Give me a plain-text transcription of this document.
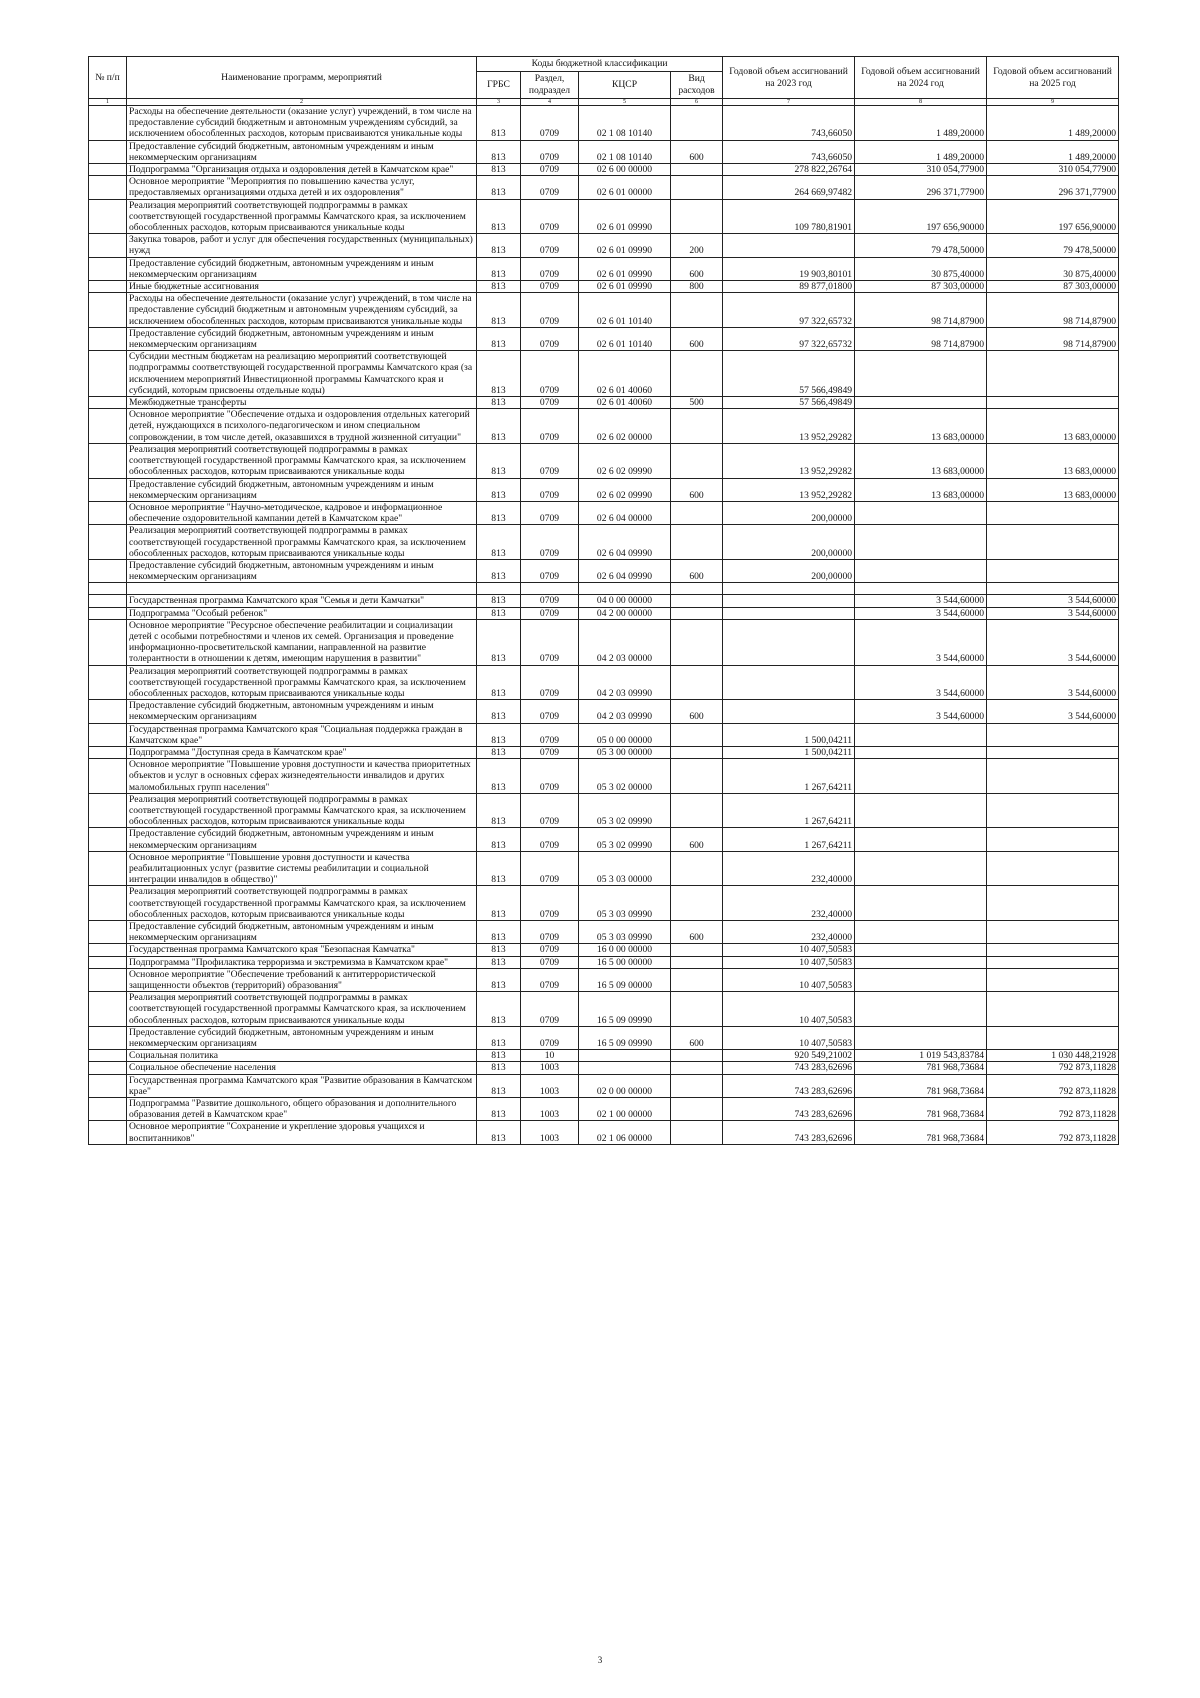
№ п/п	Наименование программ, мероприятий	Коды бюджетной классификации				Годовой объем ассигнований на 2023 год	Годовой объем ассигнований на 2024 год	Годовой объем ассигнований на 2025 год
		ГРБС	Раздел, подраздел	КЦСР	Вид расходов			
1	2	3	4	5	6	7	8	9
	Расходы на обеспечение деятельности (оказание услуг) учреждений, в том числе на предоставление субсидий бюджетным и автономным учреждениям субсидий, за исключением обособленных расходов, которым присваиваются уникальные коды	813	0709	02 1 08 10140		743,66050	1 489,20000	1 489,20000
	Предоставление субсидий бюджетным, автономным учреждениям и иным некоммерческим организациям	813	0709	02 1 08 10140	600	743,66050	1 489,20000	1 489,20000
	Подпрограмма "Организация отдыха и оздоровления детей в Камчатском крае"	813	0709	02 6 00 00000		278 822,26764	310 054,77900	310 054,77900
	Основное мероприятие "Мероприятия по повышению качества услуг, предоставляемых организациями отдыха детей и их оздоровления"	813	0709	02 6 01 00000		264 669,97482	296 371,77900	296 371,77900
	Реализация мероприятий соответствующей подпрограммы в рамках соответствующей государственной программы Камчатского края, за исключением обособленных расходов, которым присваиваются уникальные коды	813	0709	02 6 01 09990		109 780,81901	197 656,90000	197 656,90000
	Закупка товаров, работ и услуг для обеспечения государственных (муниципальных) нужд	813	0709	02 6 01 09990	200		79 478,50000	79 478,50000
	Предоставление субсидий бюджетным, автономным учреждениям и иным некоммерческим организациям	813	0709	02 6 01 09990	600	19 903,80101	30 875,40000	30 875,40000
	Иные бюджетные ассигнования	813	0709	02 6 01 09990	800	89 877,01800	87 303,00000	87 303,00000
	Расходы на обеспечение деятельности (оказание услуг) учреждений, в том числе на предоставление субсидий бюджетным и автономным учреждениям субсидий, за исключением обособленных расходов, которым присваиваются уникальные коды	813	0709	02 6 01 10140		97 322,65732	98 714,87900	98 714,87900
	Предоставление субсидий бюджетным, автономным учреждениям и иным некоммерческим организациям	813	0709	02 6 01 10140	600	97 322,65732	98 714,87900	98 714,87900
	Субсидии местным бюджетам на реализацию мероприятий соответствующей подпрограммы соответствующей государственной программы Камчатского края (за исключением мероприятий Инвестиционной программы Камчатского края и субсидий, которым присвоены отдельные коды)	813	0709	02 6 01 40060		57 566,49849		
	Межбюджетные трансферты	813	0709	02 6 01 40060	500	57 566,49849		
	Основное мероприятие "Обеспечение отдыха и оздоровления отдельных категорий детей, нуждающихся в психолого-педагогическом и ином специальном сопровождении, в том числе детей, оказавшихся в трудной жизненной ситуации"	813	0709	02 6 02 00000		13 952,29282	13 683,00000	13 683,00000
	Реализация мероприятий соответствующей подпрограммы в рамках соответствующей государственной программы Камчатского края, за исключением обособленных расходов, которым присваиваются уникальные коды	813	0709	02 6 02 09990		13 952,29282	13 683,00000	13 683,00000
	Предоставление субсидий бюджетным, автономным учреждениям и иным некоммерческим организациям	813	0709	02 6 02 09990	600	13 952,29282	13 683,00000	13 683,00000
	Основное мероприятие "Научно-методическое, кадровое и информационное обеспечение оздоровительной кампании детей в Камчатском крае"	813	0709	02 6 04 00000		200,00000		
	Реализация мероприятий соответствующей подпрограммы в рамках соответствующей государственной программы Камчатского края, за исключением обособленных расходов, которым присваиваются уникальные коды	813	0709	02 6 04 09990		200,00000		
	Предоставление субсидий бюджетным, автономным учреждениям и иным некоммерческим организациям	813	0709	02 6 04 09990	600	200,00000		

	Государственная программа Камчатского края "Семья и дети Камчатки"	813	0709	04 0 00 00000			3 544,60000	3 544,60000
	Подпрограмма "Особый ребенок"	813	0709	04 2 00 00000			3 544,60000	3 544,60000
	Основное мероприятие "Ресурсное обеспечение реабилитации и социализации детей с особыми потребностями и членов их семей. Организация и проведение информационно-просветительской кампании, направленной на развитие толерантности в отношении к детям, имеющим нарушения в развитии"	813	0709	04 2 03 00000			3 544,60000	3 544,60000
	Реализация мероприятий соответствующей подпрограммы в рамках соответствующей государственной программы Камчатского края, за исключением обособленных расходов, которым присваиваются уникальные коды	813	0709	04 2 03 09990			3 544,60000	3 544,60000
	Предоставление субсидий бюджетным, автономным учреждениям и иным некоммерческим организациям	813	0709	04 2 03 09990	600		3 544,60000	3 544,60000
	Государственная программа Камчатского края "Социальная поддержка граждан в Камчатском крае"	813	0709	05 0 00 00000		1 500,04211		
	Подпрограмма "Доступная среда в Камчатском крае"	813	0709	05 3 00 00000		1 500,04211		
	Основное мероприятие "Повышение уровня доступности и качества приоритетных объектов и услуг в основных сферах жизнедеятельности инвалидов и других маломобильных групп населения"	813	0709	05 3 02 00000		1 267,64211		
	Реализация мероприятий соответствующей подпрограммы в рамках соответствующей государственной программы Камчатского края, за исключением обособленных расходов, которым присваиваются уникальные коды	813	0709	05 3 02 09990		1 267,64211		
	Предоставление субсидий бюджетным, автономным учреждениям и иным некоммерческим организациям	813	0709	05 3 02 09990	600	1 267,64211		
	Основное мероприятие "Повышение уровня доступности и качества реабилитационных услуг (развитие системы реабилитации и социальной интеграции инвалидов в общество)"	813	0709	05 3 03 00000		232,40000		
	Реализация мероприятий соответствующей подпрограммы в рамках соответствующей государственной программы Камчатского края, за исключением обособленных расходов, которым присваиваются уникальные коды	813	0709	05 3 03 09990		232,40000		
	Предоставление субсидий бюджетным, автономным учреждениям и иным некоммерческим организациям	813	0709	05 3 03 09990	600	232,40000		
	Государственная программа Камчатского края "Безопасная Камчатка"	813	0709	16 0 00 00000		10 407,50583		
	Подпрограмма "Профилактика терроризма и экстремизма в Камчатском крае"	813	0709	16 5 00 00000		10 407,50583		
	Основное мероприятие "Обеспечение требований к антитеррористической защищенности объектов (территорий) образования"	813	0709	16 5 09 00000		10 407,50583		
	Реализация мероприятий соответствующей подпрограммы в рамках соответствующей государственной программы Камчатского края, за исключением обособленных расходов, которым присваиваются уникальные коды	813	0709	16 5 09 09990		10 407,50583		
	Предоставление субсидий бюджетным, автономным учреждениям и иным некоммерческим организациям	813	0709	16 5 09 09990	600	10 407,50583		
	Социальная политика	813	10			920 549,21002	1 019 543,83784	1 030 448,21928
	Социальное обеспечение населения	813	1003			743 283,62696	781 968,73684	792 873,11828
	Государственная программа Камчатского края "Развитие образования в Камчатском крае"	813	1003	02 0 00 00000		743 283,62696	781 968,73684	792 873,11828
	Подпрограмма "Развитие дошкольного, общего образования и дополнительного образования детей в Камчатском крае"	813	1003	02 1 00 00000		743 283,62696	781 968,73684	792 873,11828
	Основное мероприятие "Сохранение и укрепление здоровья учащихся и воспитанников"	813	1003	02 1 06 00000		743 283,62696	781 968,73684	792 873,11828
3
